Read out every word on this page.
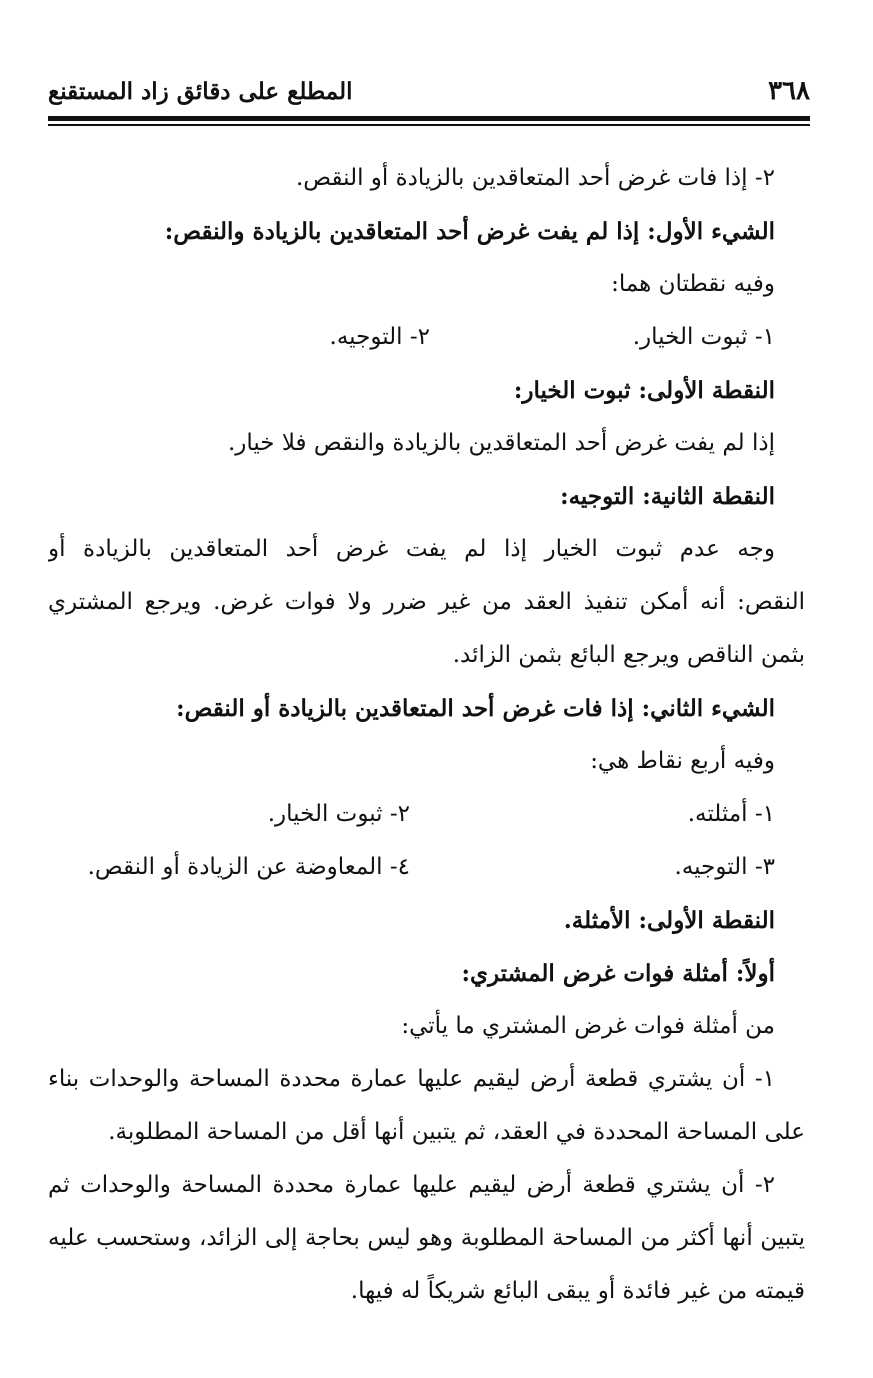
٣٦٨
المطلع على دقائق زاد المستقنع
٢- إذا فات غرض أحد المتعاقدين بالزيادة أو النقص.
الشيء الأول: إذا لم يفت غرض أحد المتعاقدين بالزيادة والنقص:
وفيه نقطتان هما:
١- ثبوت الخيار.
٢- التوجيه.
النقطة الأولى: ثبوت الخيار:
إذا لم يفت غرض أحد المتعاقدين بالزيادة والنقص فلا خيار.
النقطة الثانية: التوجيه:
وجه عدم ثبوت الخيار إذا لم يفت غرض أحد المتعاقدين بالزيادة أو
النقص: أنه أمكن تنفيذ العقد من غير ضرر ولا فوات غرض. ويرجع المشتري
بثمن الناقص ويرجع البائع بثمن الزائد.
الشيء الثاني: إذا فات غرض أحد المتعاقدين بالزيادة أو النقص:
وفيه أربع نقاط هي:
١- أمثلته.
٢- ثبوت الخيار.
٣- التوجيه.
٤- المعاوضة عن الزيادة أو النقص.
النقطة الأولى: الأمثلة.
أولاً: أمثلة فوات غرض المشتري:
من أمثلة فوات غرض المشتري ما يأتي:
١- أن يشتري قطعة أرض ليقيم عليها عمارة محددة المساحة والوحدات بناء
على المساحة المحددة في العقد، ثم يتبين أنها أقل من المساحة المطلوبة.
٢- أن يشتري قطعة أرض ليقيم عليها عمارة محددة المساحة والوحدات ثم
يتبين أنها أكثر من المساحة المطلوبة وهو ليس بحاجة إلى الزائد، وستحسب عليه
قيمته من غير فائدة أو يبقى البائع شريكاً له فيها.
